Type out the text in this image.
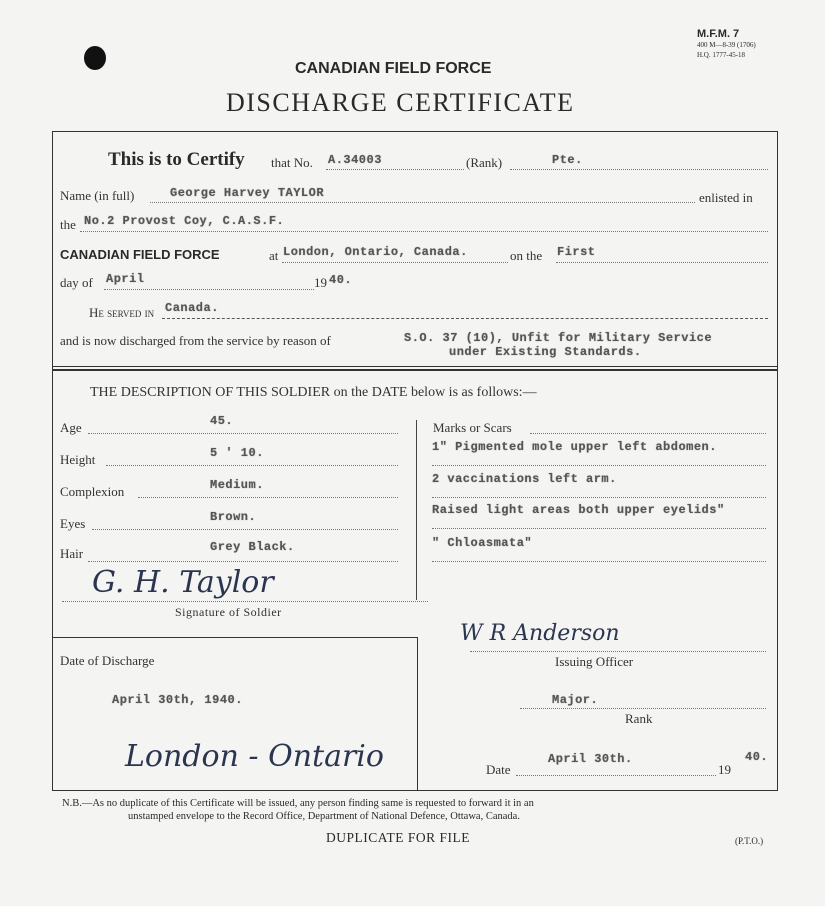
M.F.M. 7
400 M—8-39 (1706)
H.Q. 1777-45-18
CANADIAN FIELD FORCE
DISCHARGE CERTIFICATE
This is to Certify that No. A.34003	(Rank)	Pte.
Name (in full)	George Harvey TAYLOR	enlisted in
the No.2 Provost Coy, C.A.S.F.
CANADIAN FIELD FORCE	at London, Ontario, Canada.	on the First
day of April	19 40.
He served in Canada.
and is now discharged from the service by reason of	S.O. 37 (10), Unfit for Military Service
under Existing Standards.
THE DESCRIPTION OF THIS SOLDIER on the DATE below is as follows:—
Age	45.
Height	5 ' 10.
Complexion	Medium.
Eyes	Brown.
Hair	Grey Black.
Marks or Scars
1" Pigmented mole upper left abdomen.
2 vaccinations left arm.
Raised light areas both upper eyelids"
" Chloasmata"
G. H. Taylor
Signature of Soldier
Date of Discharge
April 30th, 1940.
London - Ontario
W R Anderson
Issuing Officer
Major.
Rank
Date
April 30th.
19
40.
N.B.—As no duplicate of this Certificate will be issued, any person finding same is requested to forward it in an
unstamped envelope to the Record Office, Department of National Defence, Ottawa, Canada.
DUPLICATE FOR FILE	(P.T.O.)
